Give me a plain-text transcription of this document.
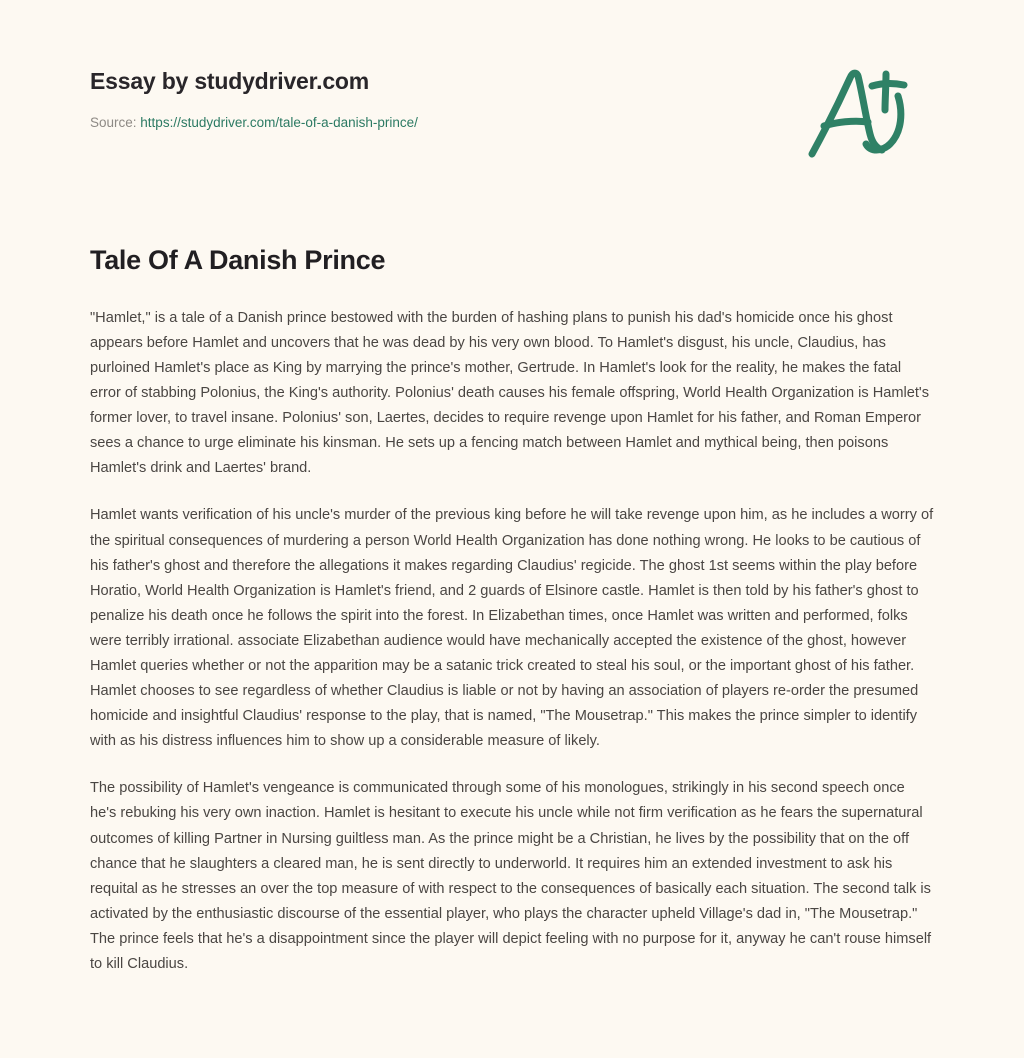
Essay by studydriver.com
Source: https://studydriver.com/tale-of-a-danish-prince/
Tale Of A Danish Prince

"Hamlet," is a tale of a Danish prince bestowed with the burden of hashing plans to punish his dad's homicide once his ghost appears before Hamlet and uncovers that he was dead by his very own blood. To Hamlet's disgust, his uncle, Claudius, has purloined Hamlet's place as King by marrying the prince's mother, Gertrude. In Hamlet's look for the reality, he makes the fatal error of stabbing Polonius, the King's authority. Polonius' death causes his female offspring, World Health Organization is Hamlet's former lover, to travel insane. Polonius' son, Laertes, decides to require revenge upon Hamlet for his father, and Roman Emperor sees a chance to urge eliminate his kinsman. He sets up a fencing match between Hamlet and mythical being, then poisons Hamlet's drink and Laertes' brand.

Hamlet wants verification of his uncle's murder of the previous king before he will take revenge upon him, as he includes a worry of the spiritual consequences of murdering a person World Health Organization has done nothing wrong. He looks to be cautious of his father's ghost and therefore the allegations it makes regarding Claudius' regicide. The ghost 1st seems within the play before Horatio, World Health Organization is Hamlet's friend, and 2 guards of Elsinore castle. Hamlet is then told by his father's ghost to penalize his death once he follows the spirit into the forest. In Elizabethan times, once Hamlet was written and performed, folks were terribly irrational. associate Elizabethan audience would have mechanically accepted the existence of the ghost, however Hamlet queries whether or not the apparition may be a satanic trick created to steal his soul, or the important ghost of his father. Hamlet chooses to see regardless of whether Claudius is liable or not by having an association of players re-order the presumed homicide and insightful Claudius' response to the play, that is named, "The Mousetrap." This makes the prince simpler to identify with as his distress influences him to show up a considerable measure of likely.

The possibility of Hamlet's vengeance is communicated through some of his monologues, strikingly in his second speech once he's rebuking his very own inaction. Hamlet is hesitant to execute his uncle while not firm verification as he fears the supernatural outcomes of killing Partner in Nursing guiltless man. As the prince might be a Christian, he lives by the possibility that on the off chance that he slaughters a cleared man, he is sent directly to underworld. It requires him an extended investment to ask his requital as he stresses an over the top measure of with respect to the consequences of basically each situation. The second talk is activated by the enthusiastic discourse of the essential player, who plays the character upheld Village's dad in, "The Mousetrap." The prince feels that he's a disappointment since the player will depict feeling with no purpose for it, anyway he can't rouse himself to kill Claudius.
